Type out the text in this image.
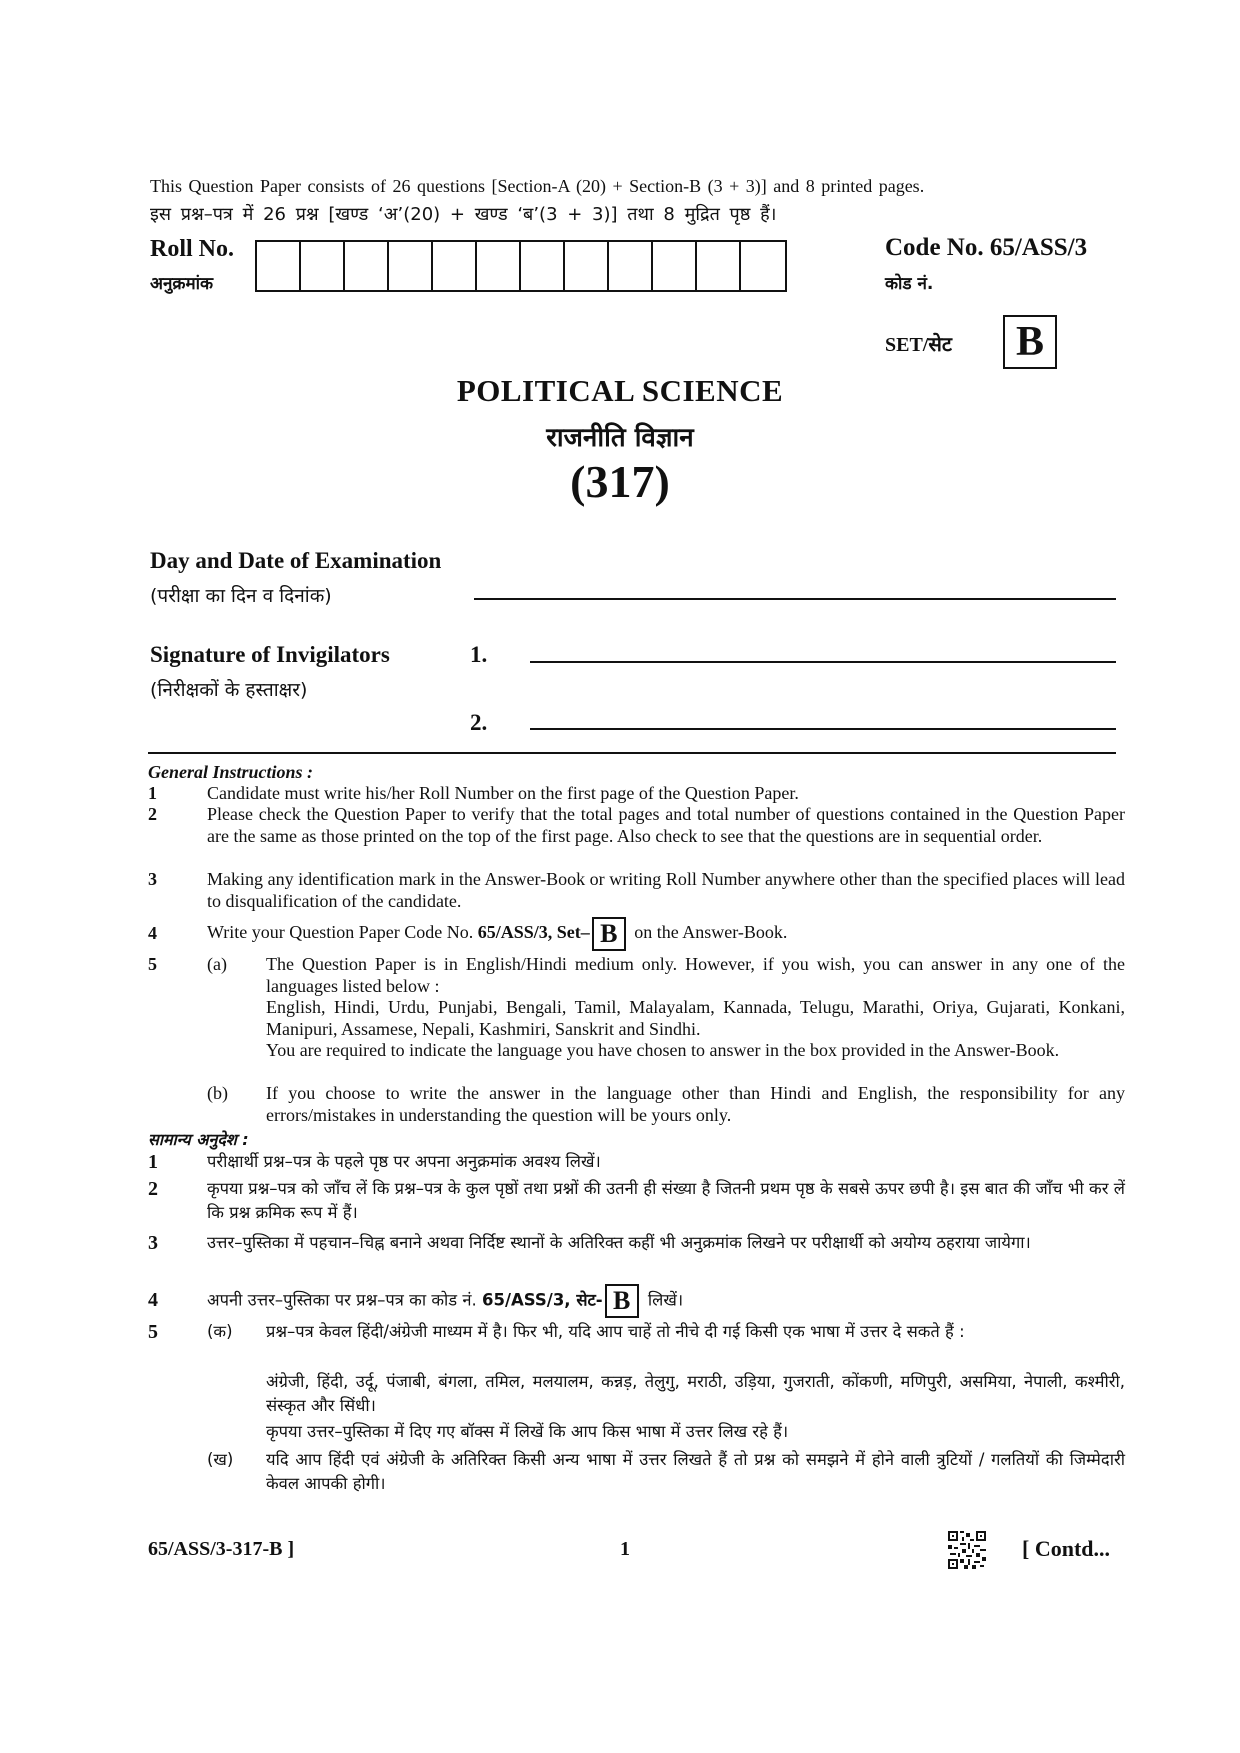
This Question Paper consists of 26 questions [Section-A (20) + Section-B (3 + 3)] and 8 printed pages.
इस प्रश्न–पत्र में 26 प्रश्न [खण्ड ‘अ’(20) + खण्ड ‘ब’(3 + 3)] तथा 8 मुद्रित पृष्ठ हैं।
Roll No.
अनुक्रमांक
Code No. 65/ASS/3
कोड नं.
SET/सेट	B
POLITICAL SCIENCE
राजनीति विज्ञान
(317)
Day and Date of Examination
(परीक्षा का दिन व दिनांक)
Signature of Invigilators
(निरीक्षकों के हस्ताक्षर)
1.
2.
General Instructions :
1	Candidate must write his/her Roll Number on the first page of the Question Paper.
2	Please check the Question Paper to verify that the total pages and total number of questions contained in the Question Paper are the same as those printed on the top of the first page. Also check to see that the questions are in sequential order.
3	Making any identification mark in the Answer-Book or writing Roll Number anywhere other than the specified places will lead to disqualification of the candidate.
4	Write your Question Paper Code No. 65/ASS/3, Set– B on the Answer-Book.
5	(a) The Question Paper is in English/Hindi medium only. However, if you wish, you can answer in any one of the languages listed below :
English, Hindi, Urdu, Punjabi, Bengali, Tamil, Malayalam, Kannada, Telugu, Marathi, Oriya, Gujarati, Konkani, Manipuri, Assamese, Nepali, Kashmiri, Sanskrit and Sindhi.
You are required to indicate the language you have chosen to answer in the box provided in the Answer-Book.
(b) If you choose to write the answer in the language other than Hindi and English, the responsibility for any errors/mistakes in understanding the question will be yours only.
सामान्य अनुदेश :
1	परीक्षार्थी प्रश्न–पत्र के पहले पृष्ठ पर अपना अनुक्रमांक अवश्य लिखें।
2	कृपया प्रश्न–पत्र को जाँच लें कि प्रश्न–पत्र के कुल पृष्ठों तथा प्रश्नों की उतनी ही संख्या है जितनी प्रथम पृष्ठ के सबसे ऊपर छपी है। इस बात की जाँच भी कर लें कि प्रश्न क्रमिक रूप में हैं।
3	उत्तर–पुस्तिका में पहचान–चिह्न बनाने अथवा निर्दिष्ट स्थानों के अतिरिक्त कहीं भी अनुक्रमांक लिखने पर परीक्षार्थी को अयोग्य ठहराया जायेगा।
4	अपनी उत्तर–पुस्तिका पर प्रश्न–पत्र का कोड नं. 65/ASS/3, सेट- B लिखें।
5	(क) प्रश्न–पत्र केवल हिंदी/अंग्रेजी माध्यम में है। फिर भी, यदि आप चाहें तो नीचे दी गई किसी एक भाषा में उत्तर दे सकते हैं :
अंग्रेजी, हिंदी, उर्दू, पंजाबी, बंगला, तमिल, मलयालम, कन्नड़, तेलुगु, मराठी, उड़िया, गुजराती, कोंकणी, मणिपुरी, असमिया, नेपाली, कश्मीरी, संस्कृत और सिंधी।
कृपया उत्तर–पुस्तिका में दिए गए बॉक्स में लिखें कि आप किस भाषा में उत्तर लिख रहे हैं।
(ख) यदि आप हिंदी एवं अंग्रेजी के अतिरिक्त किसी अन्य भाषा में उत्तर लिखते हैं तो प्रश्न को समझने में होने वाली त्रुटियों / गलतियों की जिम्मेदारी केवल आपकी होगी।
65/ASS/3-317-B ]	1	[ Contd...
